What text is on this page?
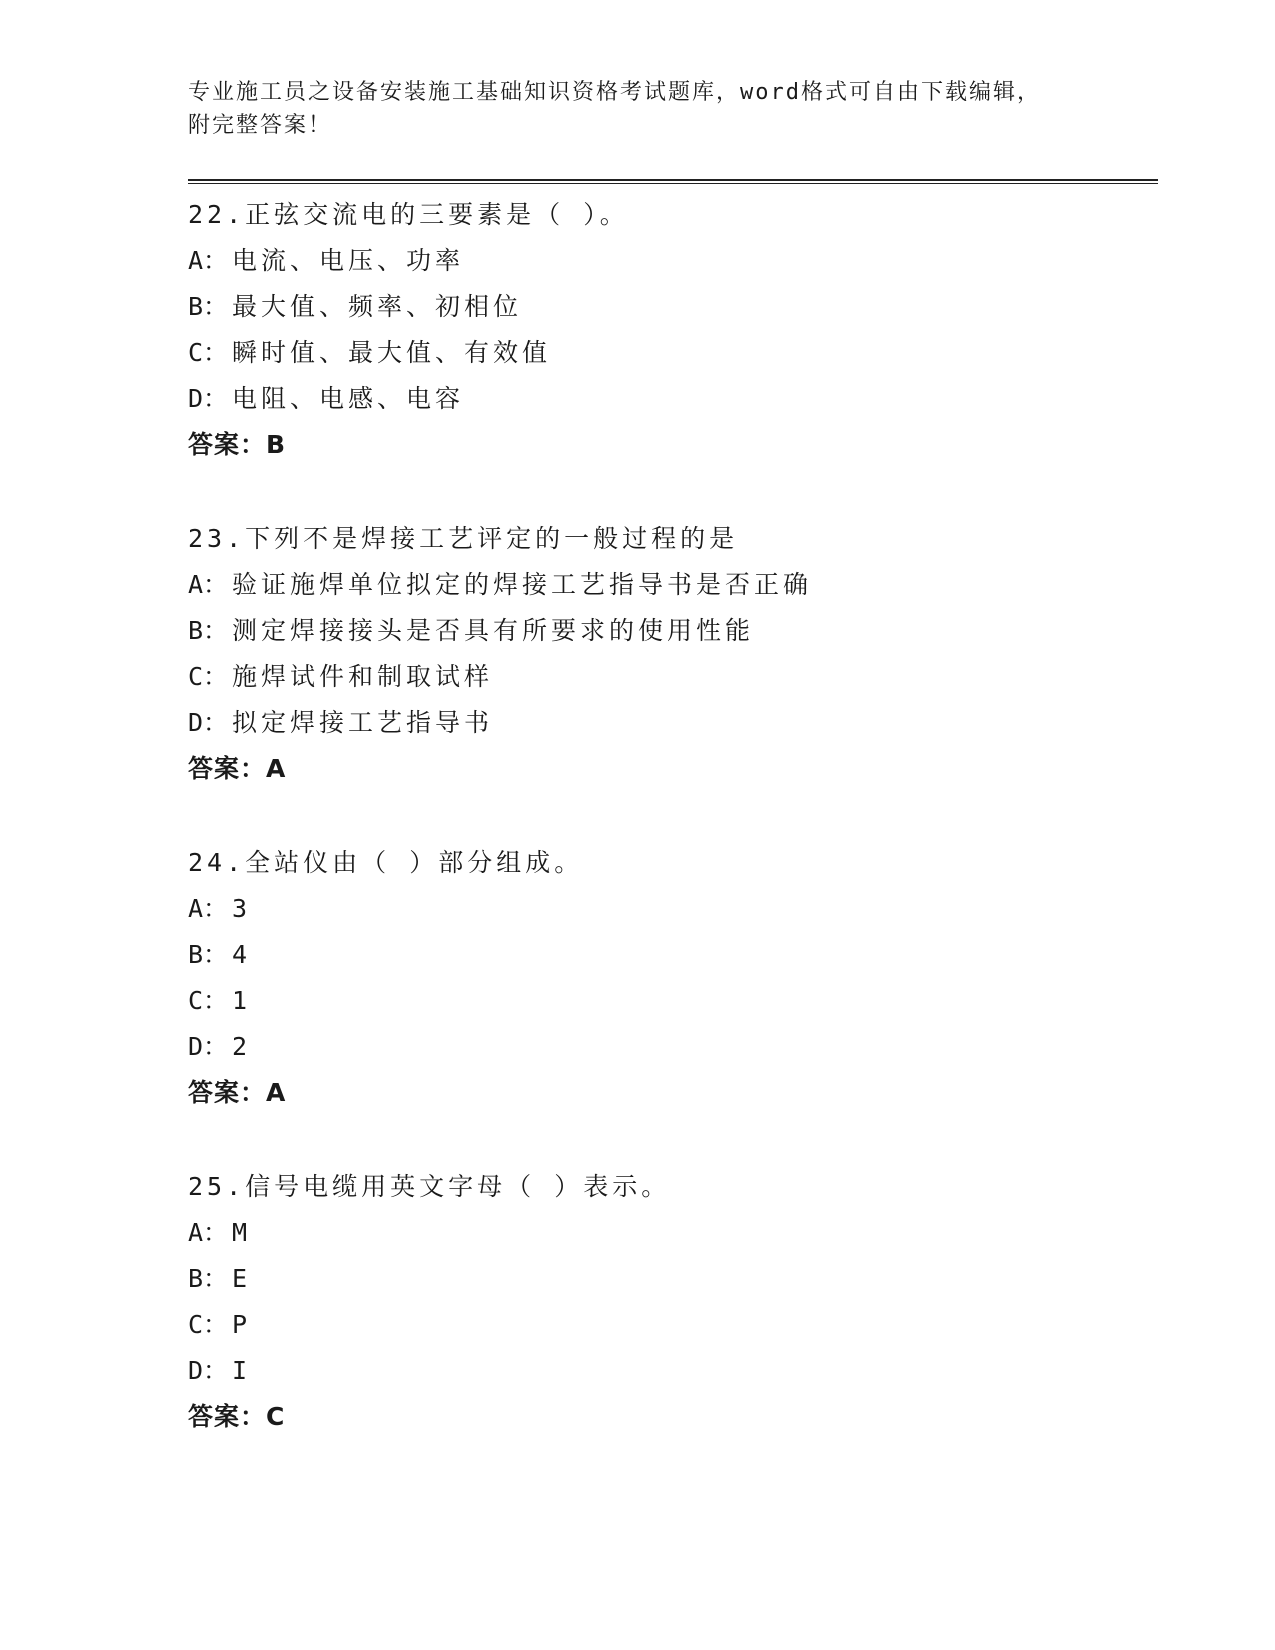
专业施工员之设备安装施工基础知识资格考试题库，word格式可自由下载编辑，
附完整答案！
22.正弦交流电的三要素是（ ）。
A： 电流、电压、功率
B： 最大值、频率、初相位
C： 瞬时值、最大值、有效值
D： 电阻、电感、电容
答案：B
23.下列不是焊接工艺评定的一般过程的是
A： 验证施焊单位拟定的焊接工艺指导书是否正确
B： 测定焊接接头是否具有所要求的使用性能
C： 施焊试件和制取试样
D： 拟定焊接工艺指导书
答案：A
24.全站仪由（ ）部分组成。
A： 3
B： 4
C： 1
D： 2
答案：A
25.信号电缆用英文字母（ ）表示。
A： M
B： E
C： P
D： I
答案：C
